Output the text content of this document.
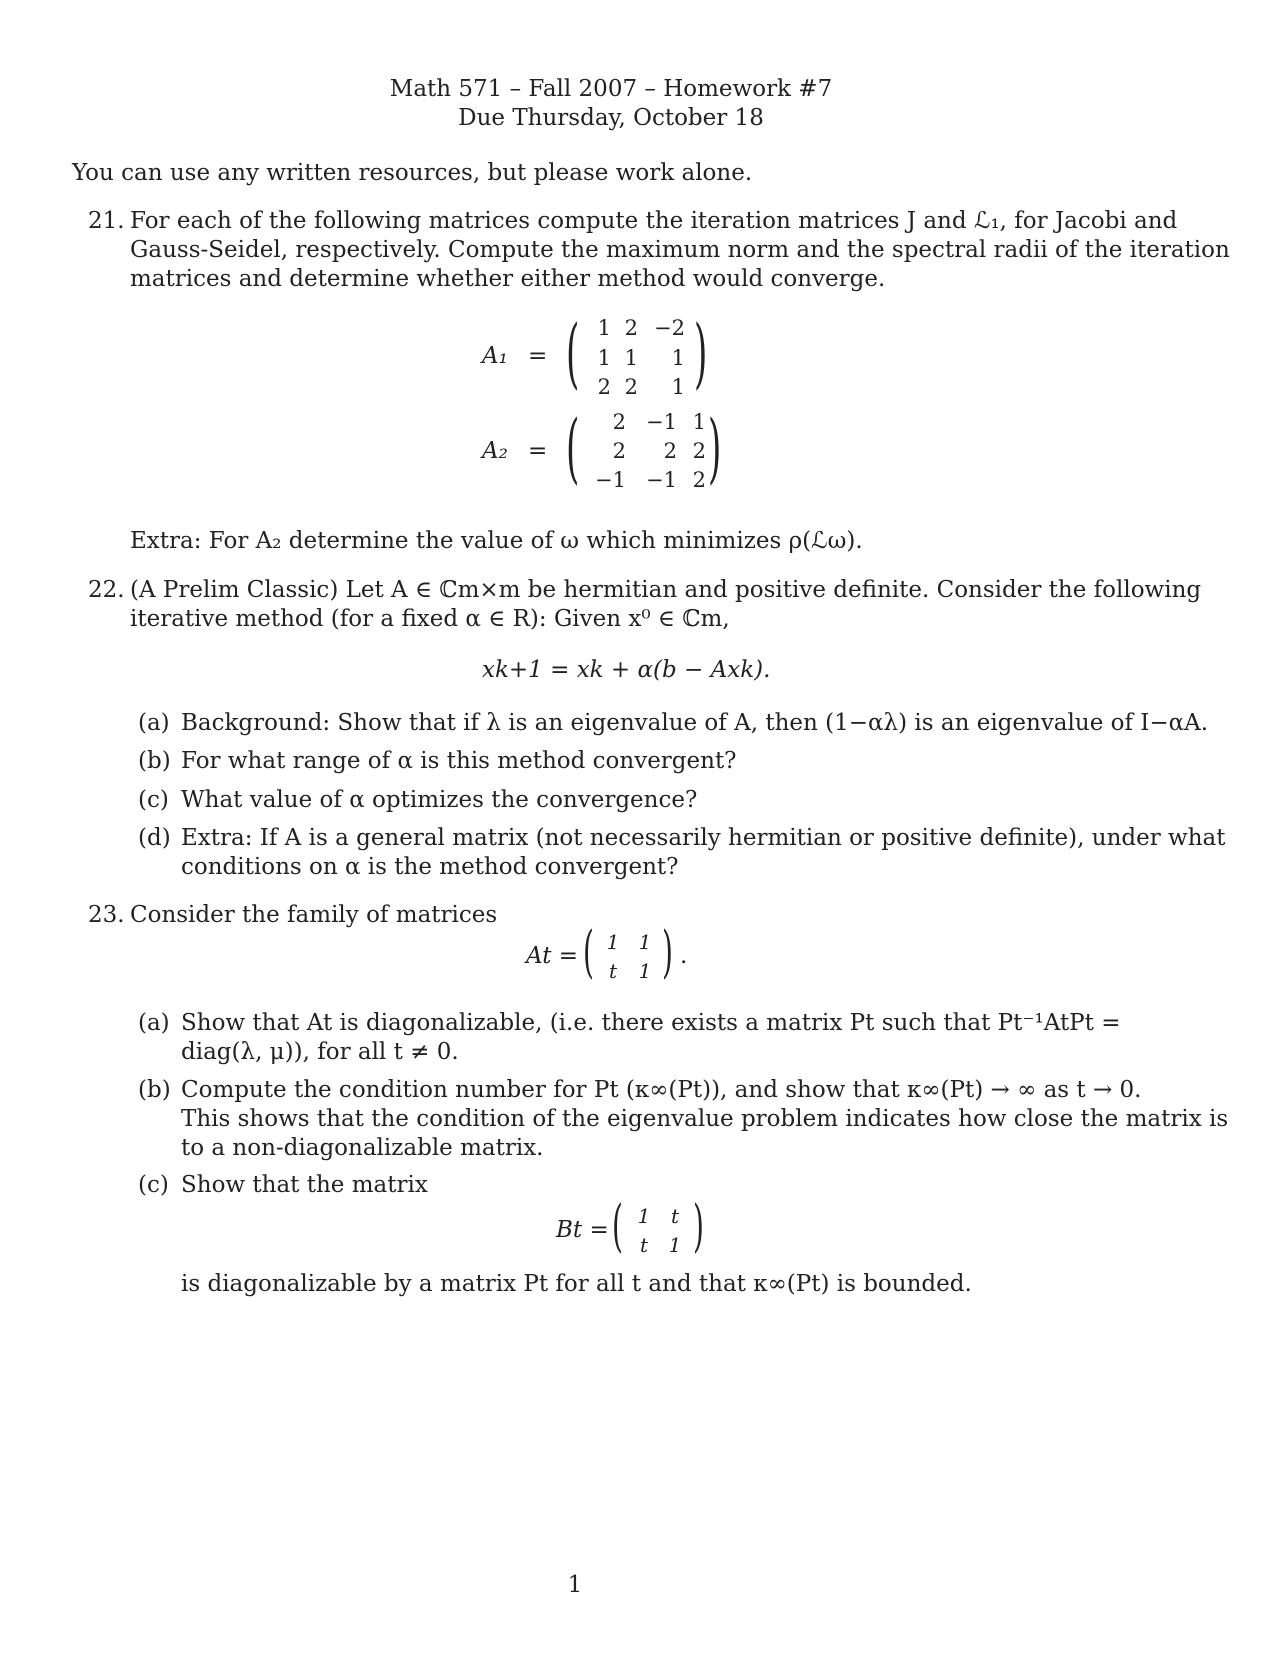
Math 571 – Fall 2007 – Homework #7
Due Thursday, October 18
You can use any written resources, but please work alone.
21. For each of the following matrices compute the iteration matrices J and ℒ₁, for Jacobi and
Gauss-Seidel, respectively. Compute the maximum norm and the spectral radii of the iteration
matrices and determine whether either method would converge.
A₁ = ( )
1 2 −2
1 1	1
2 2	1
A₂ = ( )
2 −1 1
2	2 2
−1 −1 2
Extra: For A₂ determine the value of ω which minimizes ρ(ℒω).
22. (A Prelim Classic) Let A ∈ ℂm×m be hermitian and positive definite. Consider the following
iterative method (for a fixed α ∈ R): Given x⁰ ∈ ℂm,
xk+1 = xk + α(b − Axk).
(a) Background: Show that if λ is an eigenvalue of A, then (1−αλ) is an eigenvalue of I−αA.
(b) For what range of α is this method convergent?
(c) What value of α optimizes the convergence?
(d) Extra: If A is a general matrix (not necessarily hermitian or positive definite), under what
conditions on α is the method convergent?
23. Consider the family of matrices
At = ( )
1 1
t	1
.
(a) Show that At is diagonalizable, (i.e. there exists a matrix Pt such that Pt⁻¹AtPt =
diag(λ, μ)), for all t ≠ 0.
(b) Compute the condition number for Pt (κ∞(Pt)), and show that κ∞(Pt) → ∞ as t → 0.
This shows that the condition of the eigenvalue problem indicates how close the matrix is
to a non-diagonalizable matrix.
(c) Show that the matrix
Bt = ( )
1	t
t	1
is diagonalizable by a matrix Pt for all t and that κ∞(Pt) is bounded.
1
